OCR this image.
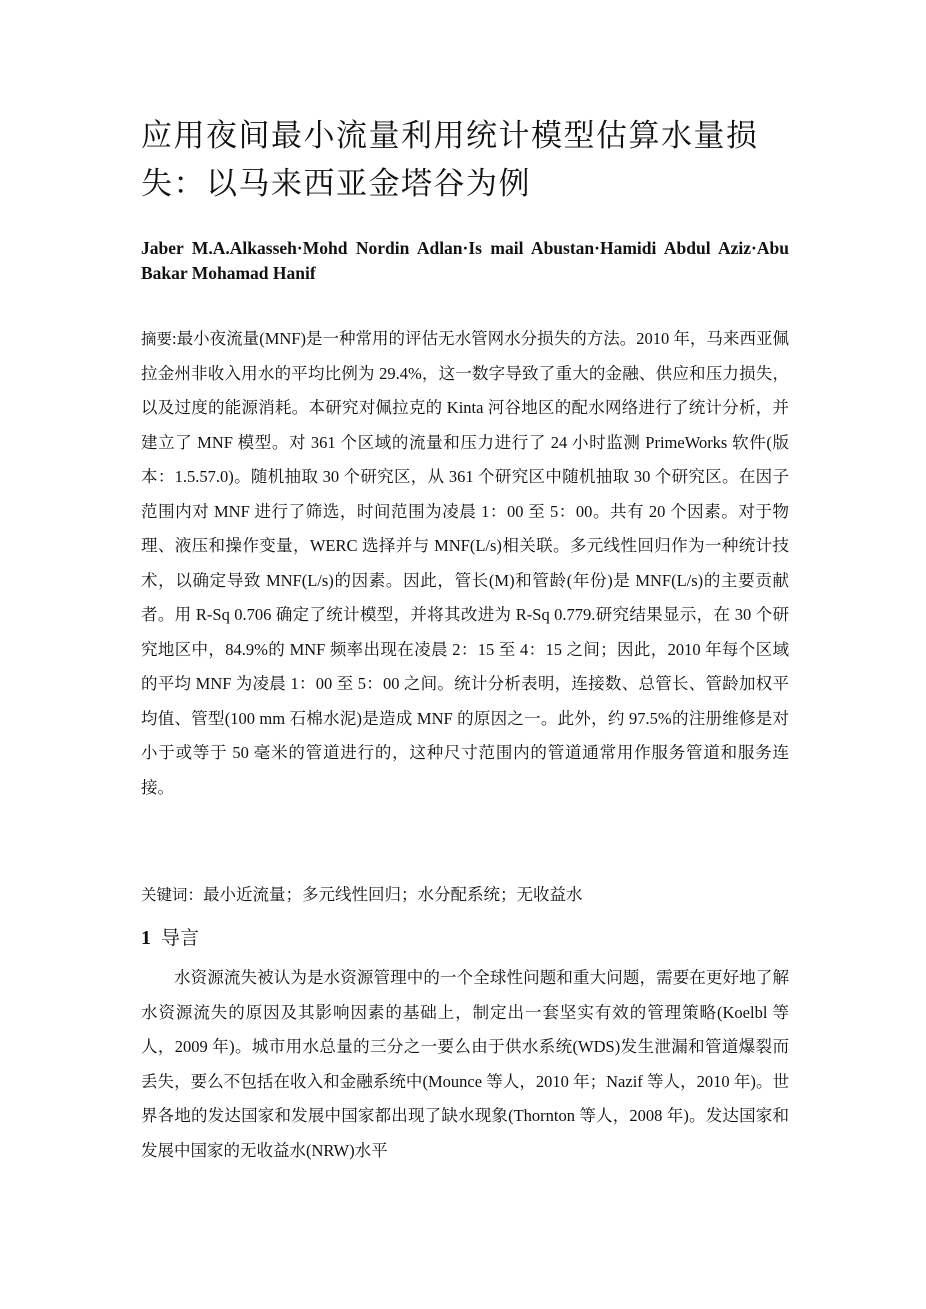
应用夜间最小流量利用统计模型估算水量损失：以马来西亚金塔谷为例

Jaber M.A.Alkasseh·Mohd Nordin Adlan·Is mail Abustan·Hamidi Abdul Aziz·Abu Bakar Mohamad Hanif

摘要:最小夜流量(MNF)是一种常用的评估无水管网水分损失的方法。2010 年，马来西亚佩拉金州非收入用水的平均比例为 29.4%，这一数字导致了重大的金融、供应和压力损失，以及过度的能源消耗。本研究对佩拉克的 Kinta 河谷地区的配水网络进行了统计分析，并建立了 MNF 模型。对 361 个区域的流量和压力进行了 24 小时监测 PrimeWorks 软件(版本：1.5.57.0)。随机抽取 30 个研究区，从 361 个研究区中随机抽取 30 个研究区。在因子范围内对 MNF 进行了筛选，时间范围为凌晨 1：00 至 5：00。共有 20 个因素。对于物理、液压和操作变量，WERC 选择并与 MNF(L/s)相关联。多元线性回归作为一种统计技术，以确定导致 MNF(L/s)的因素。因此，管长(M)和管龄(年份)是 MNF(L/s)的主要贡献者。用 R-Sq 0.706 确定了统计模型，并将其改进为 R-Sq 0.779.研究结果显示，在 30 个研究地区中，84.9%的 MNF 频率出现在凌晨 2：15 至 4：15 之间；因此，2010 年每个区域的平均 MNF 为凌晨 1：00 至 5：00 之间。统计分析表明，连接数、总管长、管龄加权平均值、管型(100 mm 石棉水泥)是造成 MNF 的原因之一。此外，约 97.5%的注册维修是对小于或等于 50 毫米的管道进行的，这种尺寸范围内的管道通常用作服务管道和服务连接。

关键词：最小近流量；多元线性回归；水分配系统；无收益水

1 导言

水资源流失被认为是水资源管理中的一个全球性问题和重大问题，需要在更好地了解水资源流失的原因及其影响因素的基础上，制定出一套坚实有效的管理策略(Koelbl 等人，2009 年)。城市用水总量的三分之一要么由于供水系统(WDS)发生泄漏和管道爆裂而丢失，要么不包括在收入和金融系统中(Mounce 等人，2010 年；Nazif 等人，2010 年)。世界各地的发达国家和发展中国家都出现了缺水现象(Thornton 等人，2008 年)。发达国家和发展中国家的无收益水(NRW)水平
